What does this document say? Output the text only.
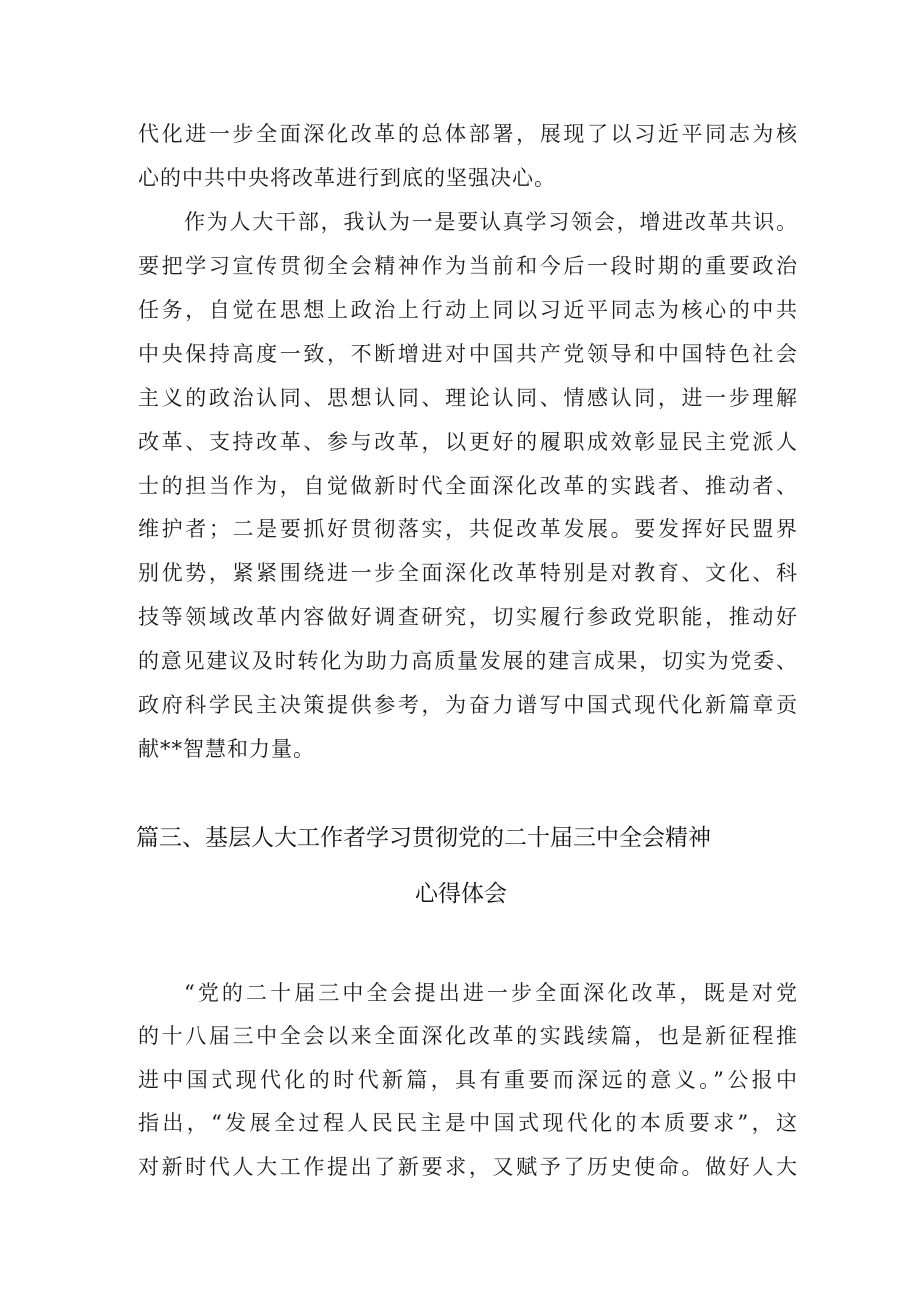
代化进一步全面深化改革的总体部署，展现了以习近平同志为核
心的中共中央将改革进行到底的坚强决心。
作为人大干部，我认为一是要认真学习领会，增进改革共识。
要把学习宣传贯彻全会精神作为当前和今后一段时期的重要政治
任务，自觉在思想上政治上行动上同以习近平同志为核心的中共
中央保持高度一致，不断增进对中国共产党领导和中国特色社会
主义的政治认同、思想认同、理论认同、情感认同，进一步理解
改革、支持改革、参与改革，以更好的履职成效彰显民主党派人
士的担当作为，自觉做新时代全面深化改革的实践者、推动者、
维护者；二是要抓好贯彻落实，共促改革发展。要发挥好民盟界
别优势，紧紧围绕进一步全面深化改革特别是对教育、文化、科
技等领域改革内容做好调查研究，切实履行参政党职能，推动好
的意见建议及时转化为助力高质量发展的建言成果，切实为党委、
政府科学民主决策提供参考，为奋力谱写中国式现代化新篇章贡
献**智慧和力量。
篇三、基层人大工作者学习贯彻党的二十届三中全会精神
心得体会
“党的二十届三中全会提出进一步全面深化改革，既是对党
的十八届三中全会以来全面深化改革的实践续篇，也是新征程推
进中国式现代化的时代新篇，具有重要而深远的意义。”公报中
指出，“发展全过程人民民主是中国式现代化的本质要求”，这
对新时代人大工作提出了新要求，又赋予了历史使命。做好人大
